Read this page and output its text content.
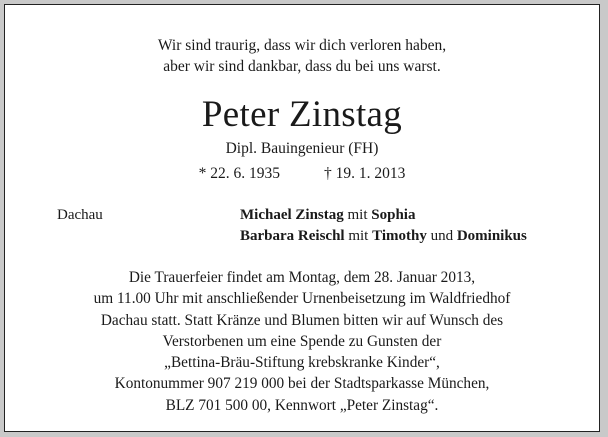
Wir sind traurig, dass wir dich verloren haben,
aber wir sind dankbar, dass du bei uns warst.
Peter Zinstag
Dipl. Bauingenieur (FH)
* 22. 6. 1935	† 19. 1. 2013
Dachau	Michael Zinstag mit Sophia
Barbara Reischl mit Timothy und Dominikus
Die Trauerfeier findet am Montag, dem 28. Januar 2013,
um 11.00 Uhr mit anschließender Urnenbeisetzung im Waldfriedhof
Dachau statt. Statt Kränze und Blumen bitten wir auf Wunsch des
Verstorbenen um eine Spende zu Gunsten der
„Bettina-Bräu-Stiftung krebskranke Kinder“,
Kontonummer 907 219 000 bei der Stadtsparkasse München,
BLZ 701 500 00, Kennwort „Peter Zinstag“.
